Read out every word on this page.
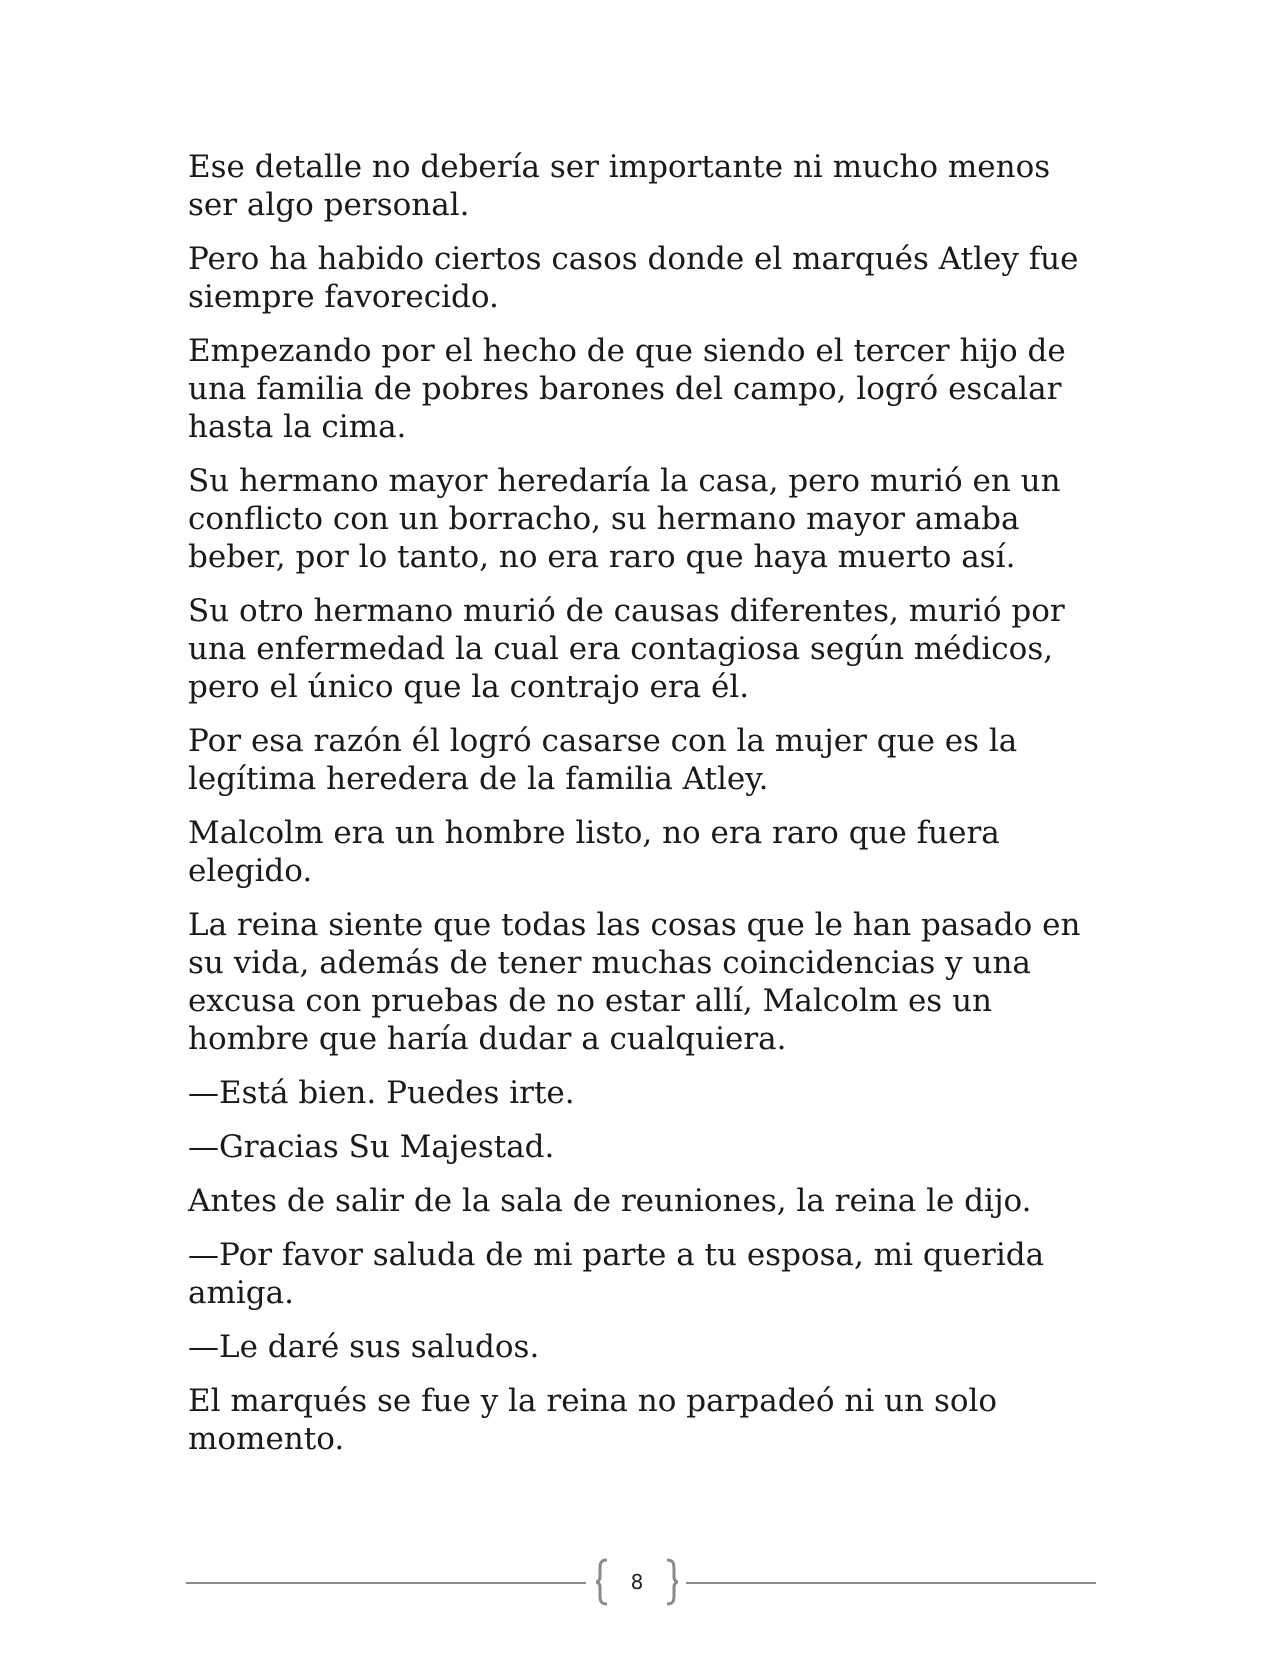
Ese detalle no debería ser importante ni mucho menos ser algo personal.

Pero ha habido ciertos casos donde el marqués Atley fue siempre favorecido.

Empezando por el hecho de que siendo el tercer hijo de una familia de pobres barones del campo, logró escalar hasta la cima.

Su hermano mayor heredaría la casa, pero murió en un conflicto con un borracho, su hermano mayor amaba beber, por lo tanto, no era raro que haya muerto así.

Su otro hermano murió de causas diferentes, murió por una enfermedad la cual era contagiosa según médicos, pero el único que la contrajo era él.

Por esa razón él logró casarse con la mujer que es la legítima heredera de la familia Atley.

Malcolm era un hombre listo, no era raro que fuera elegido.

La reina siente que todas las cosas que le han pasado en su vida, además de tener muchas coincidencias y una excusa con pruebas de no estar allí, Malcolm es un hombre que haría dudar a cualquiera.

—Está bien. Puedes irte.

—Gracias Su Majestad.

Antes de salir de la sala de reuniones, la reina le dijo.

—Por favor saluda de mi parte a tu esposa, mi querida amiga.

—Le daré sus saludos.

El marqués se fue y la reina no parpadeó ni un solo momento.

8
